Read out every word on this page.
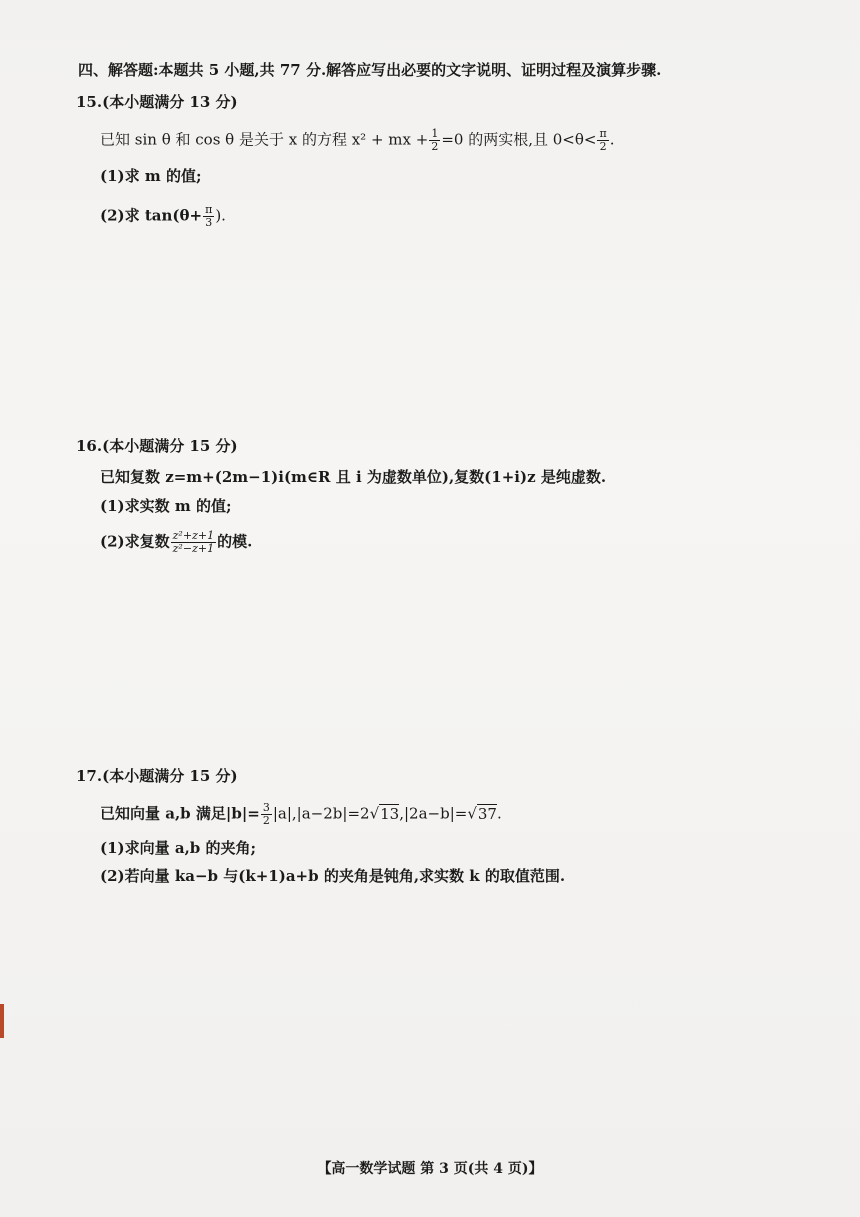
四、解答题:本题共 5 小题,共 77 分.解答应写出必要的文字说明、证明过程及演算步骤.
15.(本小题满分 13 分)
已知 sin θ 和 cos θ 是关于 x 的方程 x² + mx + $\frac{1}{2} =0$ 的两实根,且 $0<\theta< \frac{\pi}{2}$ .
(1)求 m 的值;
(2)求 $\tan(\theta+ \frac{\pi}{3}$ ).
16.(本小题满分 15 分)
已知复数 z=m+(2m−1)i(m∈R 且 i 为虚数单位),复数(1+i)z 是纯虚数.
(1)求实数 m 的值;
(2)求复数 $\frac{\text{z²+z+1}}{\text{z²−z+1}}$ 的模.
17.(本小题满分 15 分)
已知向量 a,b 满足$|b|= \frac{3}{2} |a|,|a-2b|=2√13,|2a-b|=√37$.
(1)求向量 a,b 的夹角;
(2)若向量 ka−b 与(k+1)a+b 的夹角是钝角,求实数 k 的取值范围.
【高一数学试题 第 3 页(共 4 页)】
